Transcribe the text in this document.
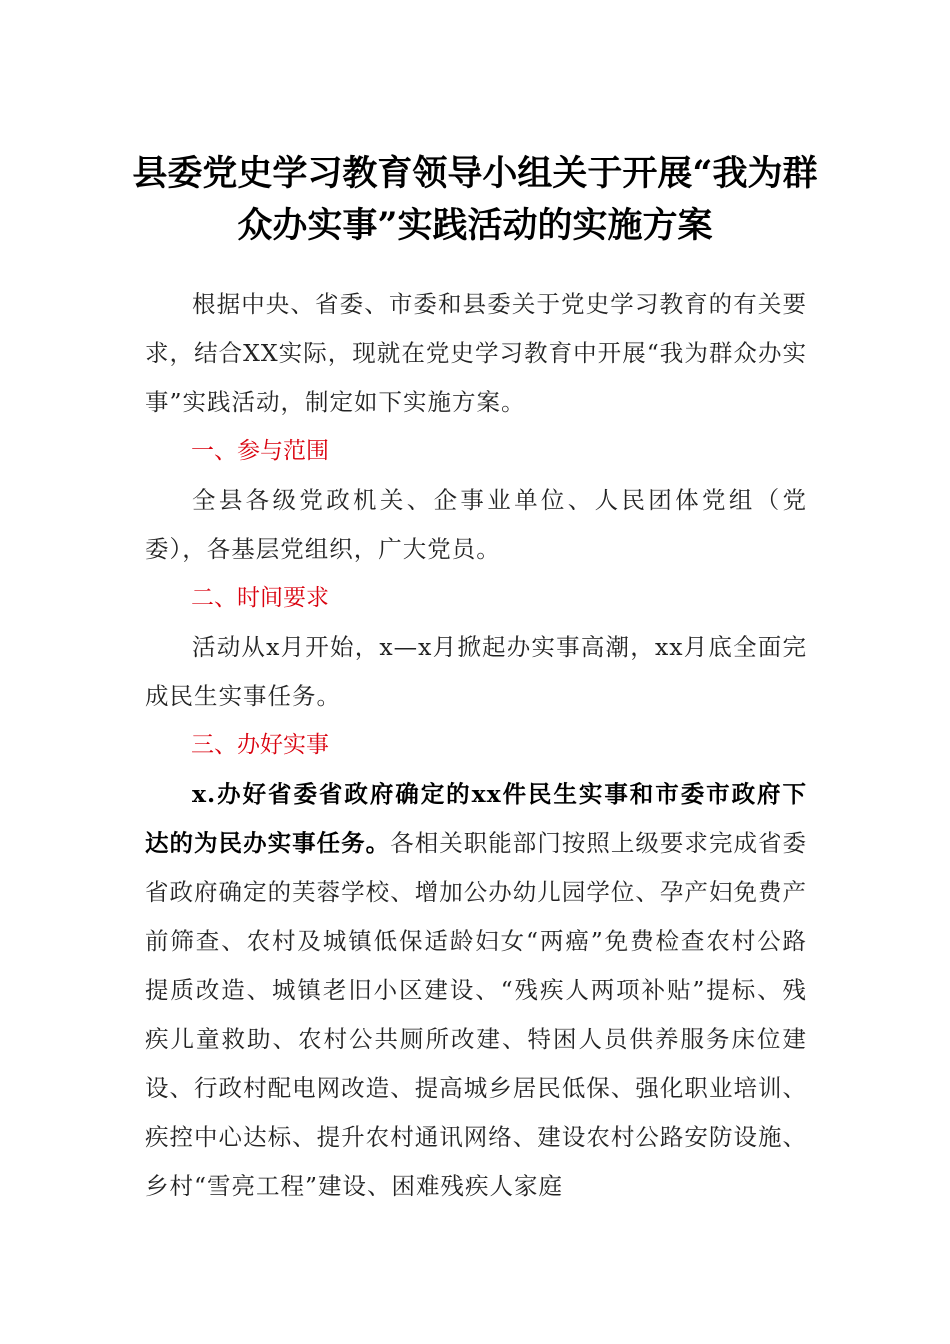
县委党史学习教育领导小组关于开展“我为群众办实事”实践活动的实施方案

根据中央、省委、市委和县委关于党史学习教育的有关要求，结合XX实际，现就在党史学习教育中开展“我为群众办实事”实践活动，制定如下实施方案。

一、参与范围

全县各级党政机关、企事业单位、人民团体党组（党委），各基层党组织，广大党员。

二、时间要求

活动从x月开始，x—x月掀起办实事高潮，xx月底全面完成民生实事任务。

三、办好实事

x.办好省委省政府确定的xx件民生实事和市委市政府下达的为民办实事任务。各相关职能部门按照上级要求完成省委省政府确定的芙蓉学校、增加公办幼儿园学位、孕产妇免费产前筛查、农村及城镇低保适龄妇女“两癌”免费检查农村公路提质改造、城镇老旧小区建设、“残疾人两项补贴”提标、残疾儿童救助、农村公共厕所改建、特困人员供养服务床位建设、行政村配电网改造、提高城乡居民低保、强化职业培训、疾控中心达标、提升农村通讯网络、建设农村公路安防设施、乡村“雪亮工程”建设、困难残疾人家庭
